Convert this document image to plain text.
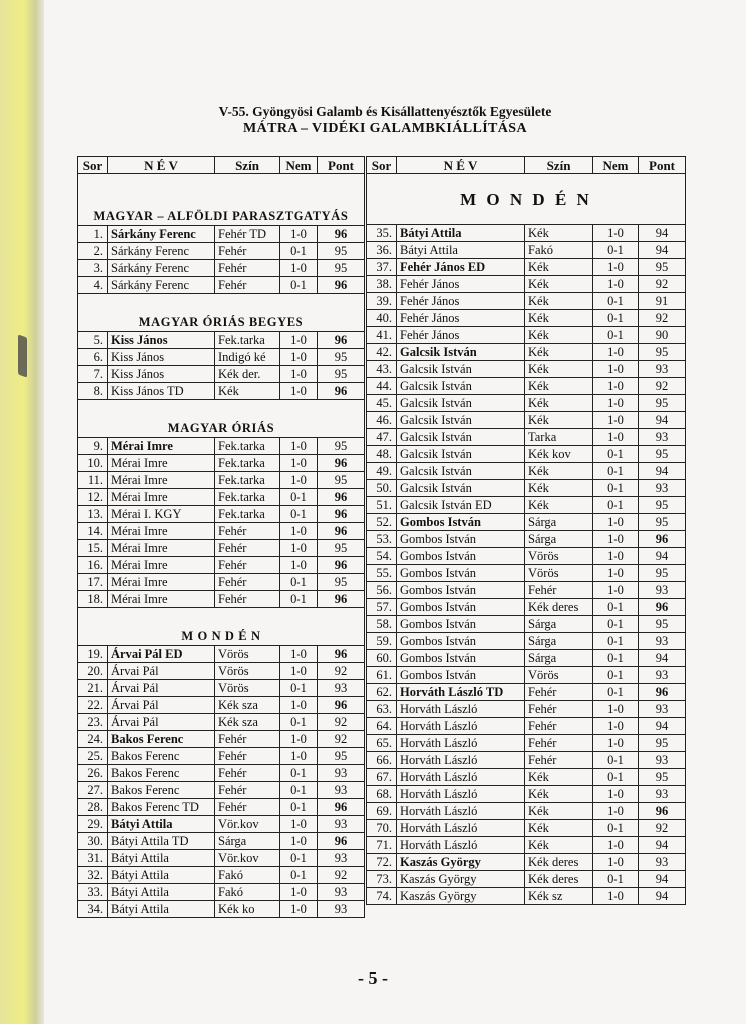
V-55. Gyöngyösi Galamb és Kisállattenyésztők Egyesülete
MÁTRA – VIDÉKI GALAMBKIÁLLÍTÁSA
Sor	N É V	Szín	Nem	Pont
MAGYAR – ALFÖLDI PARASZTGATYÁS				
1.	Sárkány Ferenc	Fehér TD	1-0	96
2.	Sárkány Ferenc	Fehér	0-1	95
3.	Sárkány Ferenc	Fehér	1-0	95
4.	Sárkány Ferenc	Fehér	0-1	96
MAGYAR ÓRIÁS BEGYES				
5.	Kiss János	Fek.tarka	1-0	96
6.	Kiss János	Indigó ké	1-0	95
7.	Kiss János	Kék der.	1-0	95
8.	Kiss János TD	Kék	1-0	96
MAGYAR ÓRIÁS				
9.	Mérai Imre	Fek.tarka	1-0	95
10.	Mérai Imre	Fek.tarka	1-0	96
11.	Mérai Imre	Fek.tarka	1-0	95
12.	Mérai Imre	Fek.tarka	0-1	96
13.	Mérai I. KGY	Fek.tarka	0-1	96
14.	Mérai Imre	Fehér	1-0	96
15.	Mérai Imre	Fehér	1-0	95
16.	Mérai Imre	Fehér	1-0	96
17.	Mérai Imre	Fehér	0-1	95
18.	Mérai Imre	Fehér	0-1	96
M O N D É N				
19.	Árvai Pál ED	Vörös	1-0	96
20.	Árvai Pál	Vörös	1-0	92
21.	Árvai Pál	Vörös	0-1	93
22.	Árvai Pál	Kék sza	1-0	96
23.	Árvai Pál	Kék sza	0-1	92
24.	Bakos Ferenc	Fehér	1-0	92
25.	Bakos Ferenc	Fehér	1-0	95
26.	Bakos Ferenc	Fehér	0-1	93
27.	Bakos Ferenc	Fehér	0-1	93
28.	Bakos Ferenc TD	Fehér	0-1	96
29.	Bátyi Attila	Vör.kov	1-0	93
30.	Bátyi Attila TD	Sárga	1-0	96
31.	Bátyi Attila	Vör.kov	0-1	93
32.	Bátyi Attila	Fakó	0-1	92
33.	Bátyi Attila	Fakó	1-0	93
34.	Bátyi Attila	Kék ko	1-0	93
Sor	N É V	Szín	Nem	Pont
M O N D É N				
35.	Bátyi Attila	Kék	1-0	94
36.	Bátyi Attila	Fakó	0-1	94
37.	Fehér János ED	Kék	1-0	95
38.	Fehér János	Kék	1-0	92
39.	Fehér János	Kék	0-1	91
40.	Fehér János	Kék	0-1	92
41.	Fehér János	Kék	0-1	90
42.	Galcsik István	Kék	1-0	95
43.	Galcsik István	Kék	1-0	93
44.	Galcsik István	Kék	1-0	92
45.	Galcsik István	Kék	1-0	95
46.	Galcsik István	Kék	1-0	94
47.	Galcsik István	Tarka	1-0	93
48.	Galcsik István	Kék kov	0-1	95
49.	Galcsik István	Kék	0-1	94
50.	Galcsik István	Kék	0-1	93
51.	Galcsik István ED	Kék	0-1	95
52.	Gombos István	Sárga	1-0	95
53.	Gombos István	Sárga	1-0	96
54.	Gombos István	Vörös	1-0	94
55.	Gombos István	Vörös	1-0	95
56.	Gombos István	Fehér	1-0	93
57.	Gombos István	Kék deres	0-1	96
58.	Gombos István	Sárga	0-1	95
59.	Gombos István	Sárga	0-1	93
60.	Gombos István	Sárga	0-1	94
61.	Gombos István	Vörös	0-1	93
62.	Horváth László TD	Fehér	0-1	96
63.	Horváth László	Fehér	1-0	93
64.	Horváth László	Fehér	1-0	94
65.	Horváth László	Fehér	1-0	95
66.	Horváth László	Fehér	0-1	93
67.	Horváth László	Kék	0-1	95
68.	Horváth László	Kék	1-0	93
69.	Horváth László	Kék	1-0	96
70.	Horváth László	Kék	0-1	92
71.	Horváth László	Kék	1-0	94
72.	Kaszás György	Kék deres	1-0	93
73.	Kaszás György	Kék deres	0-1	94
74.	Kaszás György	Kék sz	1-0	94
- 5 -
